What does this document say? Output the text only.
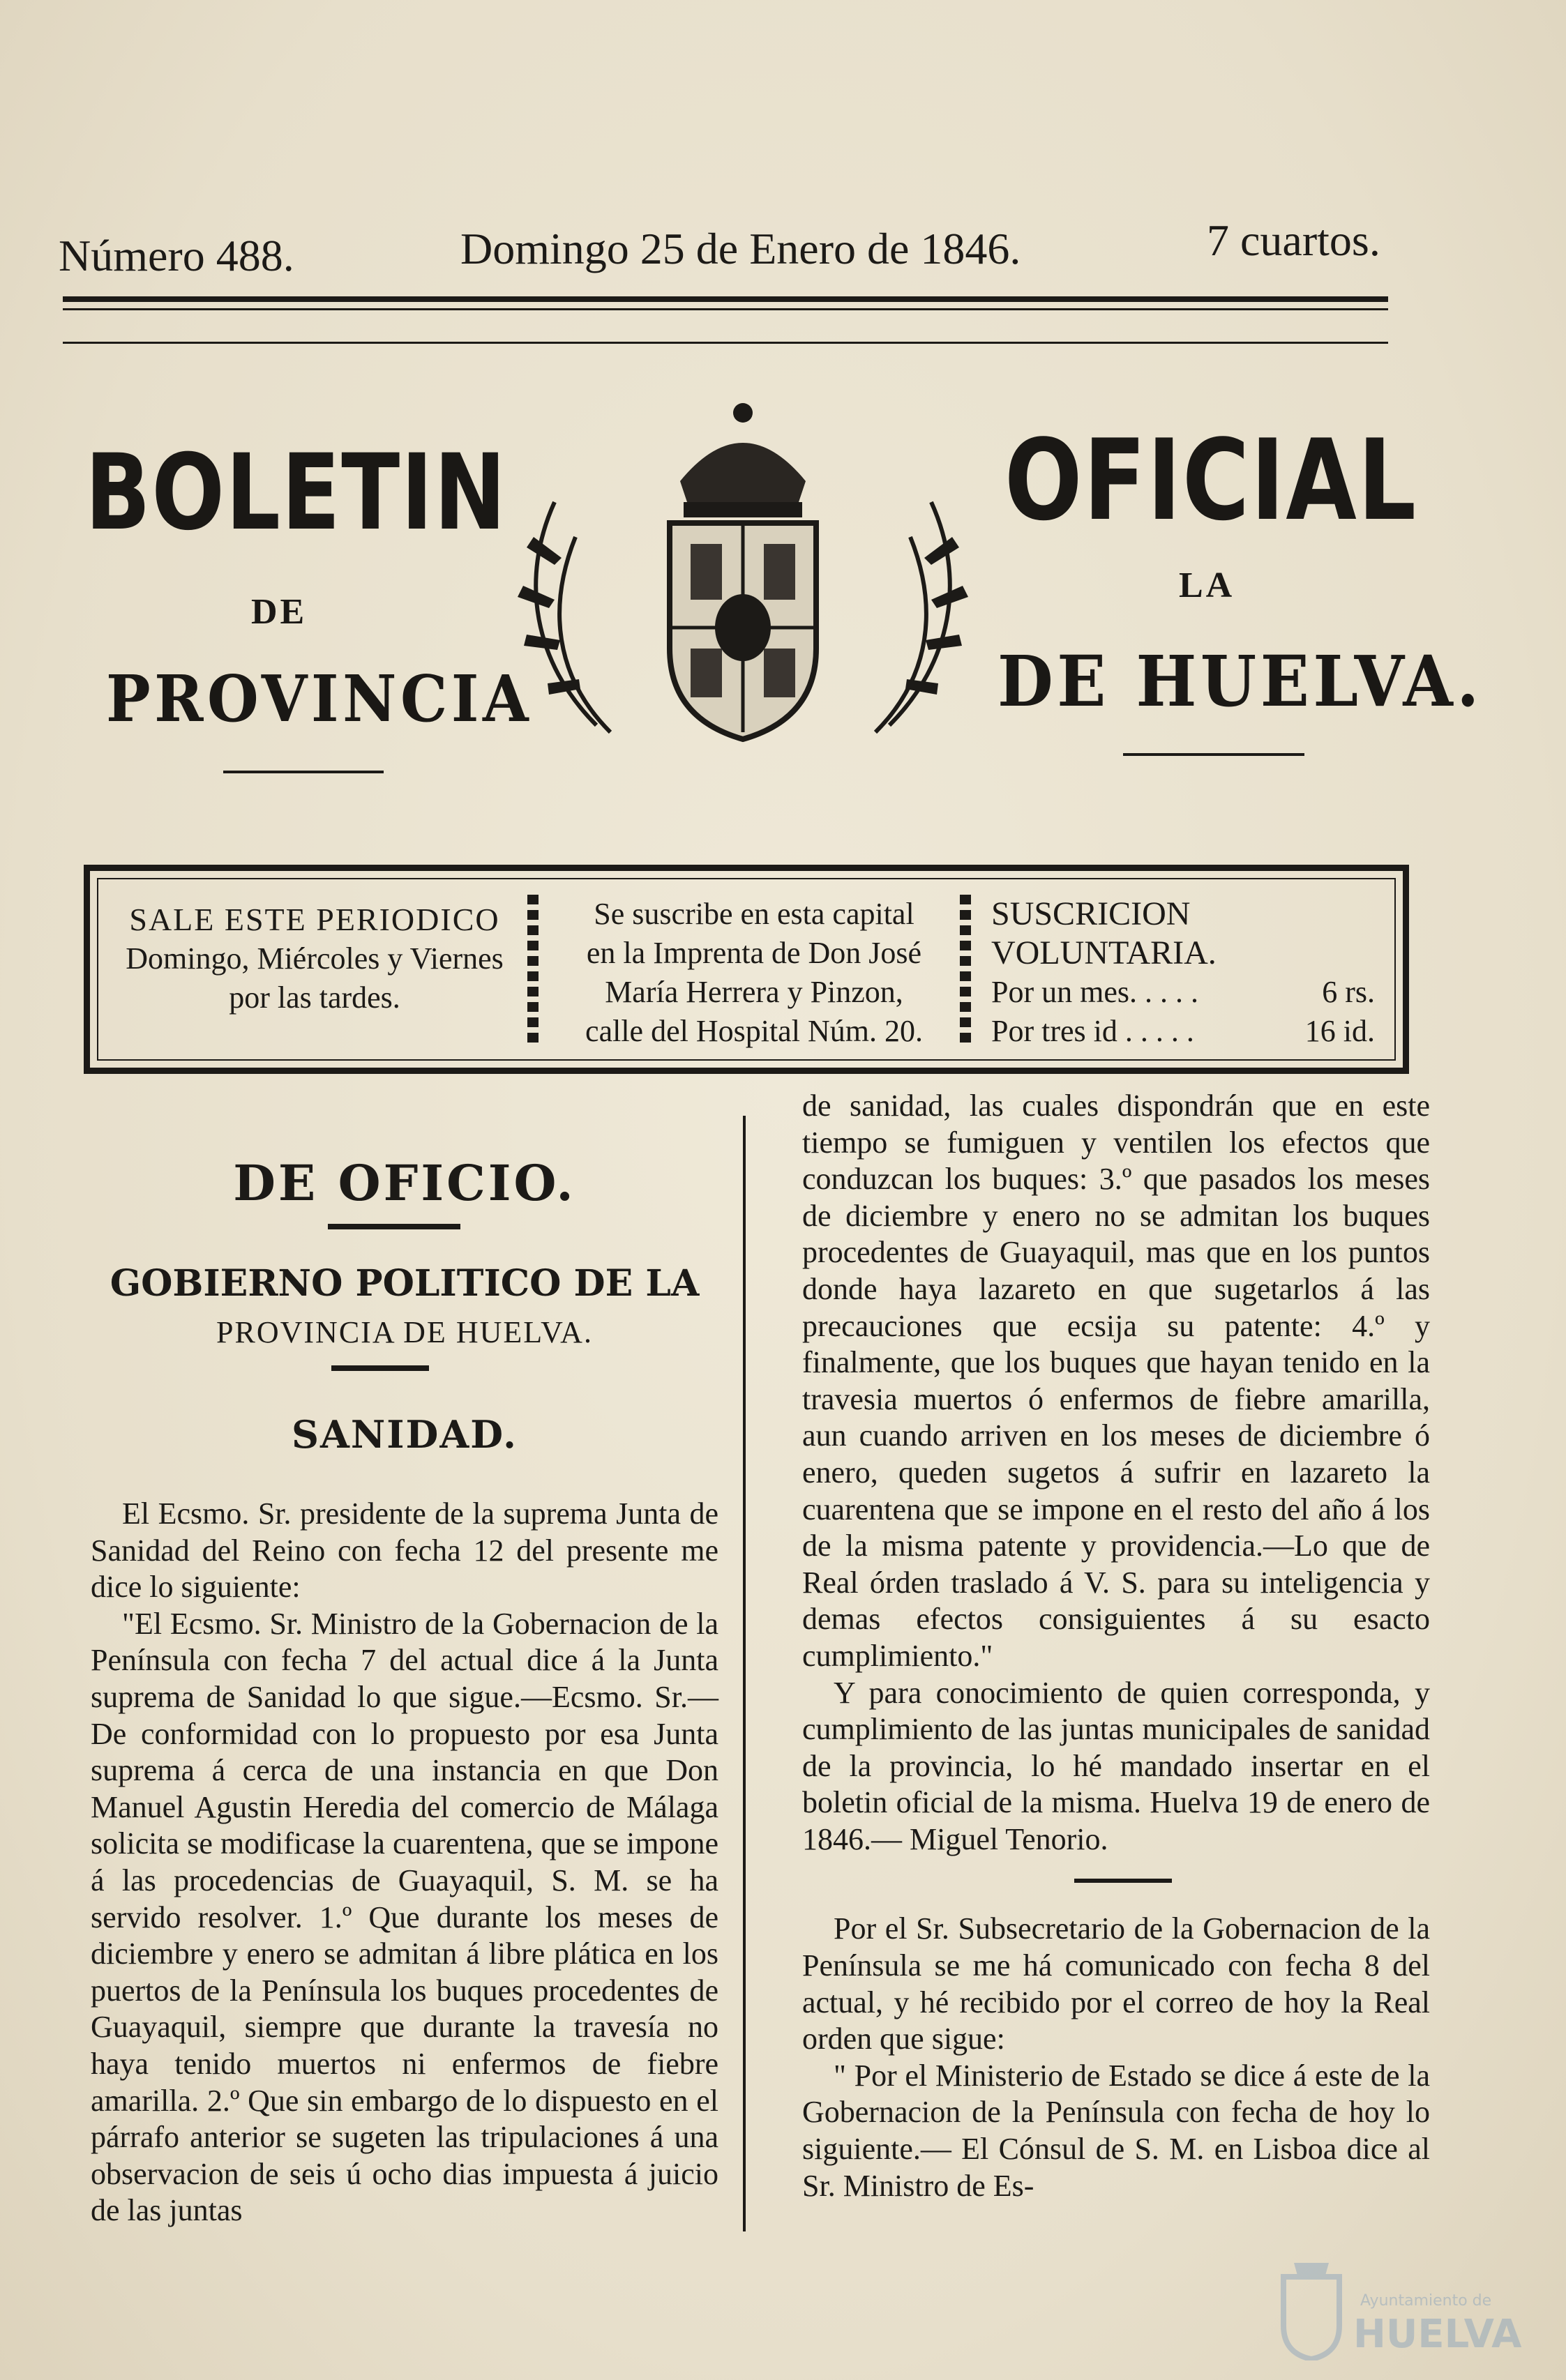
Número 488.	Domingo 25 de Enero de 1846.	7 cuartos.
BOLETIN	OFICIAL
DE
LA
PROVINCIA	DE HUELVA.
SALE ESTE PERIODICO
Domingo, Miércoles y Viernes
por las tardes.
Se suscribe en esta capital
en la Imprenta de Don José
María Herrera y Pinzon,
calle del Hospital Núm. 20.
SUSCRICION VOLUNTARIA.
Por un mes. . . . .	6 rs.
Por tres id . . . . .	16 id.
DE OFICIO.
GOBIERNO POLITICO DE LA
PROVINCIA DE HUELVA.
SANIDAD.

El Ecsmo. Sr. presidente de la suprema Junta de Sanidad del Reino con fecha 12 del presente me dice lo siguiente:

"El Ecsmo. Sr. Ministro de la Gobernacion de la Península con fecha 7 del actual dice á la Junta suprema de Sanidad lo que sigue.—Ecsmo. Sr.—De conformidad con lo propuesto por esa Junta suprema á cerca de una instancia en que Don Manuel Agustin Heredia del comercio de Málaga solicita se modificase la cuarentena, que se impone á las procedencias de Guayaquil, S. M. se ha servido resolver. 1.º Que durante los meses de diciembre y enero se admitan á libre plática en los puertos de la Península los buques procedentes de Guayaquil, siempre que durante la travesía no haya tenido muertos ni enfermos de fiebre amarilla. 2.º Que sin embargo de lo dispuesto en el párrafo anterior se sugeten las tripulaciones á una observacion de seis ú ocho dias impuesta á juicio de las juntas

de sanidad, las cuales dispondrán que en este tiempo se fumiguen y ventilen los efectos que conduzcan los buques: 3.º que pasados los meses de diciembre y enero no se admitan los buques procedentes de Guayaquil, mas que en los puntos donde haya lazareto en que sugetarlos á las precauciones que ecsija su patente: 4.º y finalmente, que los buques que hayan tenido en la travesia muertos ó enfermos de fiebre amarilla, aun cuando arriven en los meses de diciembre ó enero, queden sugetos á sufrir en lazareto la cuarentena que se impone en el resto del año á los de la misma patente y providencia.—Lo que de Real órden traslado á V. S. para su inteligencia y demas efectos consiguientes á su esacto cumplimiento."

Y para conocimiento de quien corresponda, y cumplimiento de las juntas municipales de sanidad de la provincia, lo hé mandado insertar en el boletin oficial de la misma. Huelva 19 de enero de 1846.— Miguel Tenorio.

Por el Sr. Subsecretario de la Gobernacion de la Península se me há comunicado con fecha 8 del actual, y hé recibido por el correo de hoy la Real orden que sigue:

" Por el Ministerio de Estado se dice á este de la Gobernacion de la Península con fecha de hoy lo siguiente.— El Cónsul de S. M. en Lisboa dice al Sr. Ministro de Es-

Ayuntamiento de
HUELVA
